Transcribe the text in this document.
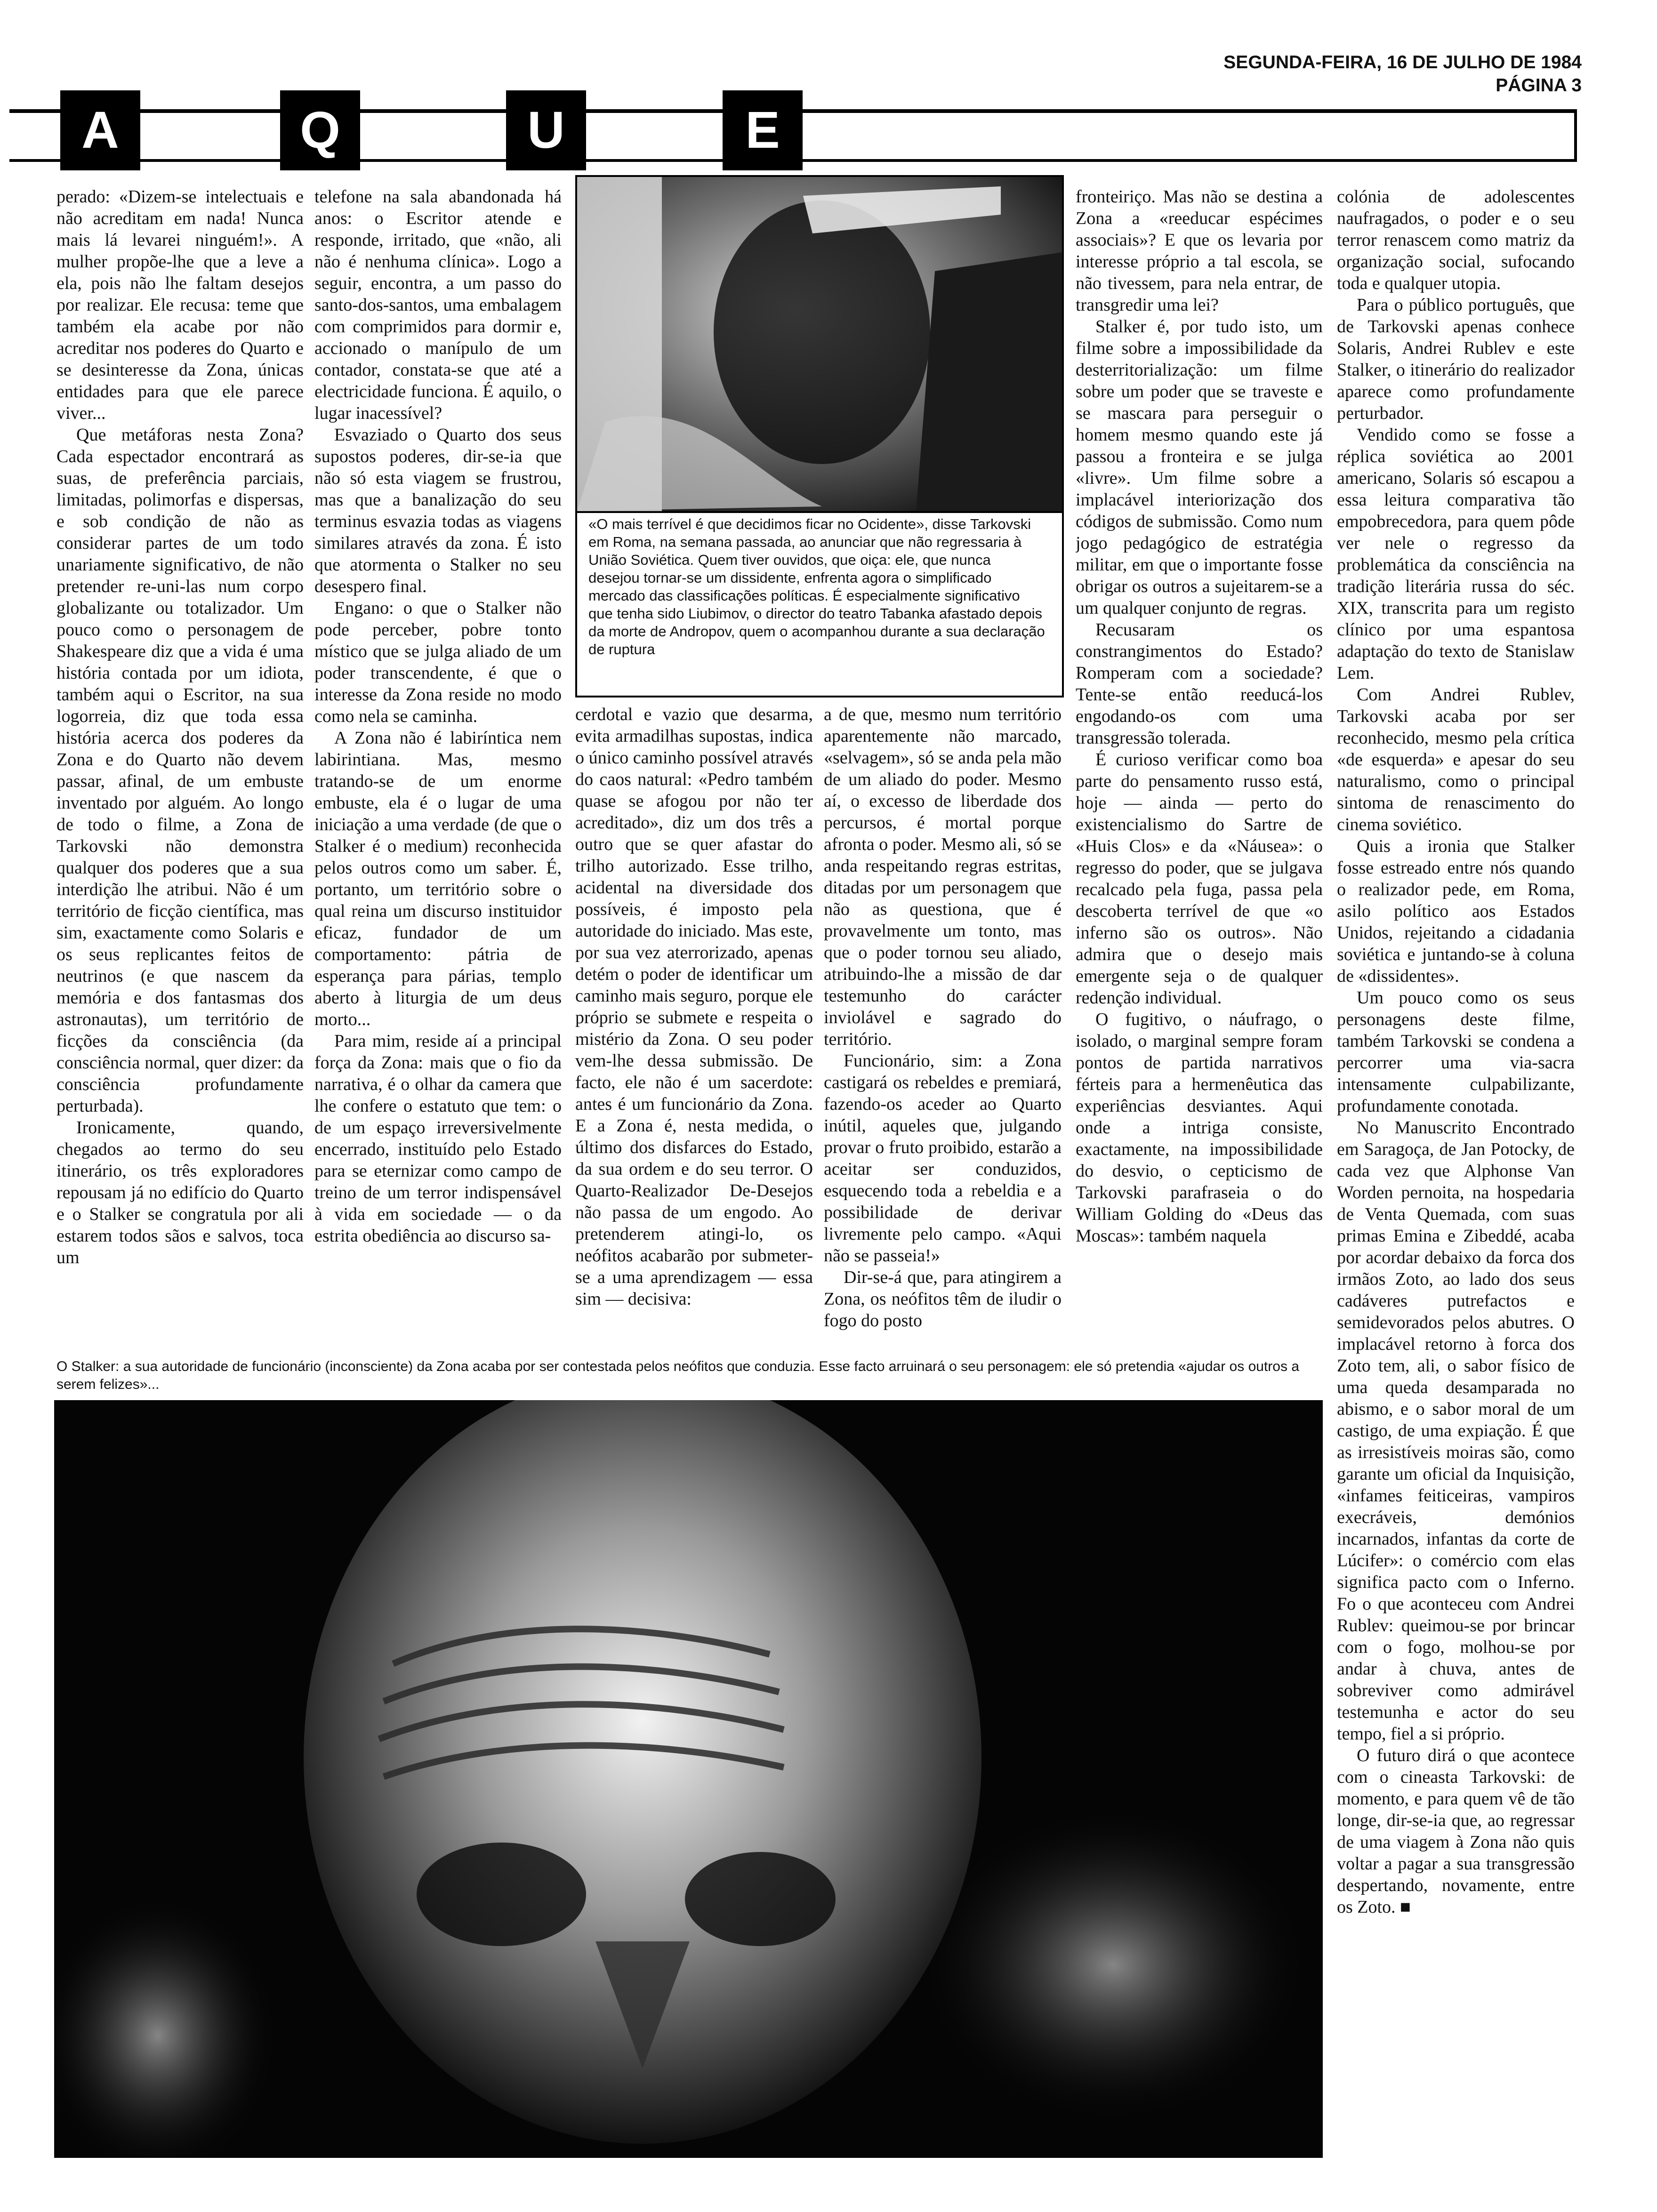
SEGUNDA-FEIRA, 16 DE JULHO DE 1984
PÁGINA 3
A	Q	U	E

perado: «Dizem-se intelectuais e não acreditam em nada! Nunca mais lá levarei ninguém!». A mulher propõe-lhe que a leve a ela, pois não lhe faltam desejos por realizar. Ele recusa: teme que também ela acabe por não acreditar nos poderes do Quarto e se desinteresse da Zona, únicas entidades para que ele parece viver...

Que metáforas nesta Zona? Cada espectador encontrará as suas, de preferência parciais, limitadas, polimorfas e dispersas, e sob condição de não as considerar partes de um todo unariamente significativo, de não pretender re-uni-las num corpo globalizante ou totalizador. Um pouco como o personagem de Shakespeare diz que a vida é uma história contada por um idiota, também aqui o Escritor, na sua logorreia, diz que toda essa história acerca dos poderes da Zona e do Quarto não devem passar, afinal, de um embuste inventado por alguém. Ao longo de todo o filme, a Zona de Tarkovski não demonstra qualquer dos poderes que a sua interdição lhe atribui. Não é um território de ficção científica, mas sim, exactamente como Solaris e os seus replicantes feitos de neutrinos (e que nascem da memória e dos fantasmas dos astronautas), um território de ficções da consciência (da consciência normal, quer dizer: da consciência profundamente perturbada).

Ironicamente, quando, chegados ao termo do seu itinerário, os três exploradores repousam já no edifício do Quarto e o Stalker se congratula por ali estarem todos sãos e salvos, toca um

telefone na sala abandonada há anos: o Escritor atende e responde, irritado, que «não, ali não é nenhuma clínica». Logo a seguir, encontra, a um passo do santo-dos-santos, uma embalagem com comprimidos para dormir e, accionado o manípulo de um contador, constata-se que até a electricidade funciona. É aquilo, o lugar inacessível?

Esvaziado o Quarto dos seus supostos poderes, dir-se-ia que não só esta viagem se frustrou, mas que a banalização do seu terminus esvazia todas as viagens similares através da zona. É isto que atormenta o Stalker no seu desespero final.

Engano: o que o Stalker não pode perceber, pobre tonto místico que se julga aliado de um poder transcendente, é que o interesse da Zona reside no modo como nela se caminha.

A Zona não é labiríntica nem labirintiana. Mas, mesmo tratando-se de um enorme embuste, ela é o lugar de uma iniciação a uma verdade (de que o Stalker é o medium) reconhecida pelos outros como um saber. É, portanto, um território sobre o qual reina um discurso instituidor eficaz, fundador de um comportamento: pátria de esperança para párias, templo aberto à liturgia de um deus morto...

Para mim, reside aí a principal força da Zona: mais que o fio da narrativa, é o olhar da camera que lhe confere o estatuto que tem: o de um espaço irreversivelmente encerrado, instituído pelo Estado para se eternizar como campo de treino de um terror indispensável à vida em sociedade — o da estrita obediência ao discurso sa-

«O mais terrível é que decidimos ficar no Ocidente», disse Tarkovski em Roma, na semana passada, ao anunciar que não regressaria à União Soviética. Quem tiver ouvidos, que oiça: ele, que nunca desejou tornar-se um dissidente, enfrenta agora o simplificado mercado das classificações políticas. É especialmente significativo que tenha sido Liubimov, o director do teatro Tabanka afastado depois da morte de Andropov, quem o acompanhou durante a sua declaração de ruptura

cerdotal e vazio que desarma, evita armadilhas supostas, indica o único caminho possível através do caos natural: «Pedro também quase se afogou por não ter acreditado», diz um dos três a outro que se quer afastar do trilho autorizado. Esse trilho, acidental na diversidade dos possíveis, é imposto pela autoridade do iniciado. Mas este, por sua vez aterrorizado, apenas detém o poder de identificar um caminho mais seguro, porque ele próprio se submete e respeita o mistério da Zona. O seu poder vem-lhe dessa submissão. De facto, ele não é um sacerdote: antes é um funcionário da Zona. E a Zona é, nesta medida, o último dos disfarces do Estado, da sua ordem e do seu terror. O Quarto-Realizador De-Desejos não passa de um engodo. Ao pretenderem atingi-lo, os neófitos acabarão por submeter-se a uma aprendizagem — essa sim — decisiva:

a de que, mesmo num território aparentemente não marcado, «selvagem», só se anda pela mão de um aliado do poder. Mesmo aí, o excesso de liberdade dos percursos, é mortal porque afronta o poder. Mesmo ali, só se anda respeitando regras estritas, ditadas por um personagem que não as questiona, que é provavelmente um tonto, mas que o poder tornou seu aliado, atribuindo-lhe a missão de dar testemunho do carácter inviolável e sagrado do território.

Funcionário, sim: a Zona castigará os rebeldes e premiará, fazendo-os aceder ao Quarto inútil, aqueles que, julgando provar o fruto proibido, estarão a aceitar ser conduzidos, esquecendo toda a rebeldia e a possibilidade de derivar livremente pelo campo. «Aqui não se passeia!»

Dir-se-á que, para atingirem a Zona, os neófitos têm de iludir o fogo do posto

fronteiriço. Mas não se destina a Zona a «reeducar espécimes associais»? E que os levaria por interesse próprio a tal escola, se não tivessem, para nela entrar, de transgredir uma lei?

Stalker é, por tudo isto, um filme sobre a impossibilidade da desterritorialização: um filme sobre um poder que se traveste e se mascara para perseguir o homem mesmo quando este já passou a fronteira e se julga «livre». Um filme sobre a implacável interiorização dos códigos de submissão. Como num jogo pedagógico de estratégia militar, em que o importante fosse obrigar os outros a sujeitarem-se a um qualquer conjunto de regras.

Recusaram os constrangimentos do Estado? Romperam com a sociedade? Tente-se então reeducá-los engodando-os com uma transgressão tolerada.

É curioso verificar como boa parte do pensamento russo está, hoje — ainda — perto do existencialismo do Sartre de «Huis Clos» e da «Náusea»: o regresso do poder, que se julgava recalcado pela fuga, passa pela descoberta terrível de que «o inferno são os outros». Não admira que o desejo mais emergente seja o de qualquer redenção individual.

O fugitivo, o náufrago, o isolado, o marginal sempre foram pontos de partida narrativos férteis para a hermenêutica das experiências desviantes. Aqui onde a intriga consiste, exactamente, na impossibilidade do desvio, o cepticismo de Tarkovski parafraseia o do William Golding do «Deus das Moscas»: também naquela

colónia de adolescentes naufragados, o poder e o seu terror renascem como matriz da organização social, sufocando toda e qualquer utopia.

Para o público português, que de Tarkovski apenas conhece Solaris, Andrei Rublev e este Stalker, o itinerário do realizador aparece como profundamente perturbador.

Vendido como se fosse a réplica soviética ao 2001 americano, Solaris só escapou a essa leitura comparativa tão empobrecedora, para quem pôde ver nele o regresso da problemática da consciência na tradição literária russa do séc. XIX, transcrita para um registo clínico por uma espantosa adaptação do texto de Stanislaw Lem.

Com Andrei Rublev, Tarkovski acaba por ser reconhecido, mesmo pela crítica «de esquerda» e apesar do seu naturalismo, como o principal sintoma de renascimento do cinema soviético.

Quis a ironia que Stalker fosse estreado entre nós quando o realizador pede, em Roma, asilo político aos Estados Unidos, rejeitando a cidadania soviética e juntando-se à coluna de «dissidentes».

Um pouco como os seus personagens deste filme, também Tarkovski se condena a percorrer uma via-sacra intensamente culpabilizante, profundamente conotada.

No Manuscrito Encontrado em Saragoça, de Jan Potocky, de cada vez que Alphonse Van Worden pernoita, na hospedaria de Venta Quemada, com suas primas Emina e Zibeddé, acaba por acordar debaixo da forca dos irmãos Zoto, ao lado dos seus cadáveres putrefactos e semidevorados pelos abutres. O implacável retorno à forca dos Zoto tem, ali, o sabor físico de uma queda desamparada no abismo, e o sabor moral de um castigo, de uma expiação. É que as irresistíveis moiras são, como garante um oficial da Inquisição, «infames feiticeiras, vampiros execráveis, demónios incarnados, infantas da corte de Lúcifer»: o comércio com elas significa pacto com o Inferno. Fo o que aconteceu com Andrei Rublev: queimou-se por brincar com o fogo, molhou-se por andar à chuva, antes de sobreviver como admirável testemunha e actor do seu tempo, fiel a si próprio.

O futuro dirá o que acontece com o cineasta Tarkovski: de momento, e para quem vê de tão longe, dir-se-ia que, ao regressar de uma viagem à Zona não quis voltar a pagar a sua transgressão despertando, novamente, entre os Zoto. ■

O Stalker: a sua autoridade de funcionário (inconsciente) da Zona acaba por ser contestada pelos neófitos que conduzia. Esse facto arruinará o seu personagem: ele só pretendia «ajudar os outros a serem felizes»...
